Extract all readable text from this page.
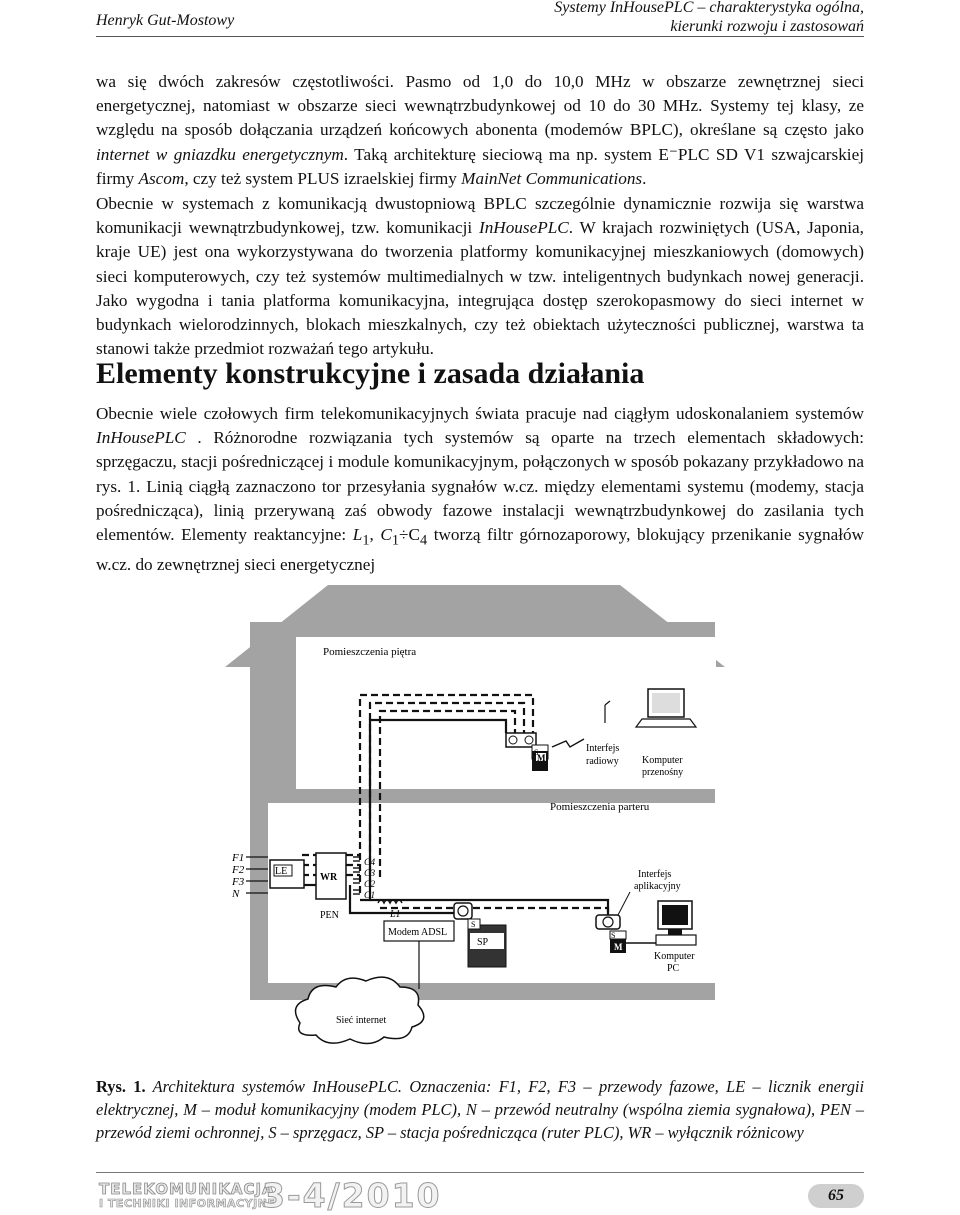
Henryk Gut-Mostowy
Systemy InHousePLC – charakterystyka ogólna,
kierunki rozwoju i zastosowań

wa się dwóch zakresów częstotliwości. Pasmo od 1,0 do 10,0 MHz w obszarze zewnętrznej sieci energetycznej, natomiast w obszarze sieci wewnątrzbudynkowej od 10 do 30 MHz. Systemy tej klasy, ze względu na sposób dołączania urządzeń końcowych abonenta (modemów BPLC), określane są często jako internet w gniazdku energetycznym. Taką architekturę sieciową ma np. system E⁻PLC SD V1 szwajcarskiej firmy Ascom, czy też system PLUS izraelskiej firmy MainNet Communications.

Obecnie w systemach z komunikacją dwustopniową BPLC szczególnie dynamicznie rozwija się warstwa komunikacji wewnątrzbudynkowej, tzw. komunikacji InHousePLC. W krajach rozwiniętych (USA, Japonia, kraje UE) jest ona wykorzystywana do tworzenia platformy komunikacyjnej mieszkaniowych (domowych) sieci komputerowych, czy też systemów multimedialnych w tzw. inteligentnych budynkach nowej generacji. Jako wygodna i tania platforma komunikacyjna, integrująca dostęp szerokopasmowy do sieci internet w budynkach wielorodzinnych, blokach mieszkalnych, czy też obiektach użyteczności publicznej, warstwa ta stanowi także przedmiot rozważań tego artykułu.

Elementy konstrukcyjne i zasada działania

Obecnie wiele czołowych firm telekomunikacyjnych świata pracuje nad ciągłym udoskonalaniem systemów InHousePLC . Różnorodne rozwiązania tych systemów są oparte na trzech elementach składowych: sprzęgaczu, stacji pośredniczącej i module komunikacyjnym, połączonych w sposób pokazany przykładowo na rys. 1. Linią ciągłą zaznaczono tor przesyłania sygnałów w.cz. między elementami systemu (modemy, stacja pośrednicząca), linią przerywaną zaś obwody fazowe instalacji wewnątrzbudynkowej do zasilania tych elementów. Elementy reaktancyjne: $L_1$, $C_1\div C_4$ tworzą filtr górnozaporowy, blokujący przenikanie sygnałów w.cz. do zewnętrznej sieci energetycznej

Pomieszczenia piętra
Pomieszczenia parteru
F1
F2
F3
N
LE
WR
PEN
C4
C3
C2
C1
L1
Modem ADSL
S
SP
S
M
Interfejs
radiowy Komputer
przenośny
S
M
Interfejs
aplikacyjny
Komputer
PC
Sieć internet

Rys. 1. Architektura systemów InHousePLC. Oznaczenia: F1, F2, F3 – przewody fazowe, LE – licznik energii elektrycznej, M – moduł komunikacyjny (modem PLC), N – przewód neutralny (wspólna ziemia sygnałowa), PEN – przewód ziemi ochronnej, S – sprzęgacz, SP – stacja pośrednicząca (ruter PLC), WR – wyłącznik różnicowy

TELEKOMUNIKACJA
I TECHNIKI INFORMACYJNE
3-4/2010	65
